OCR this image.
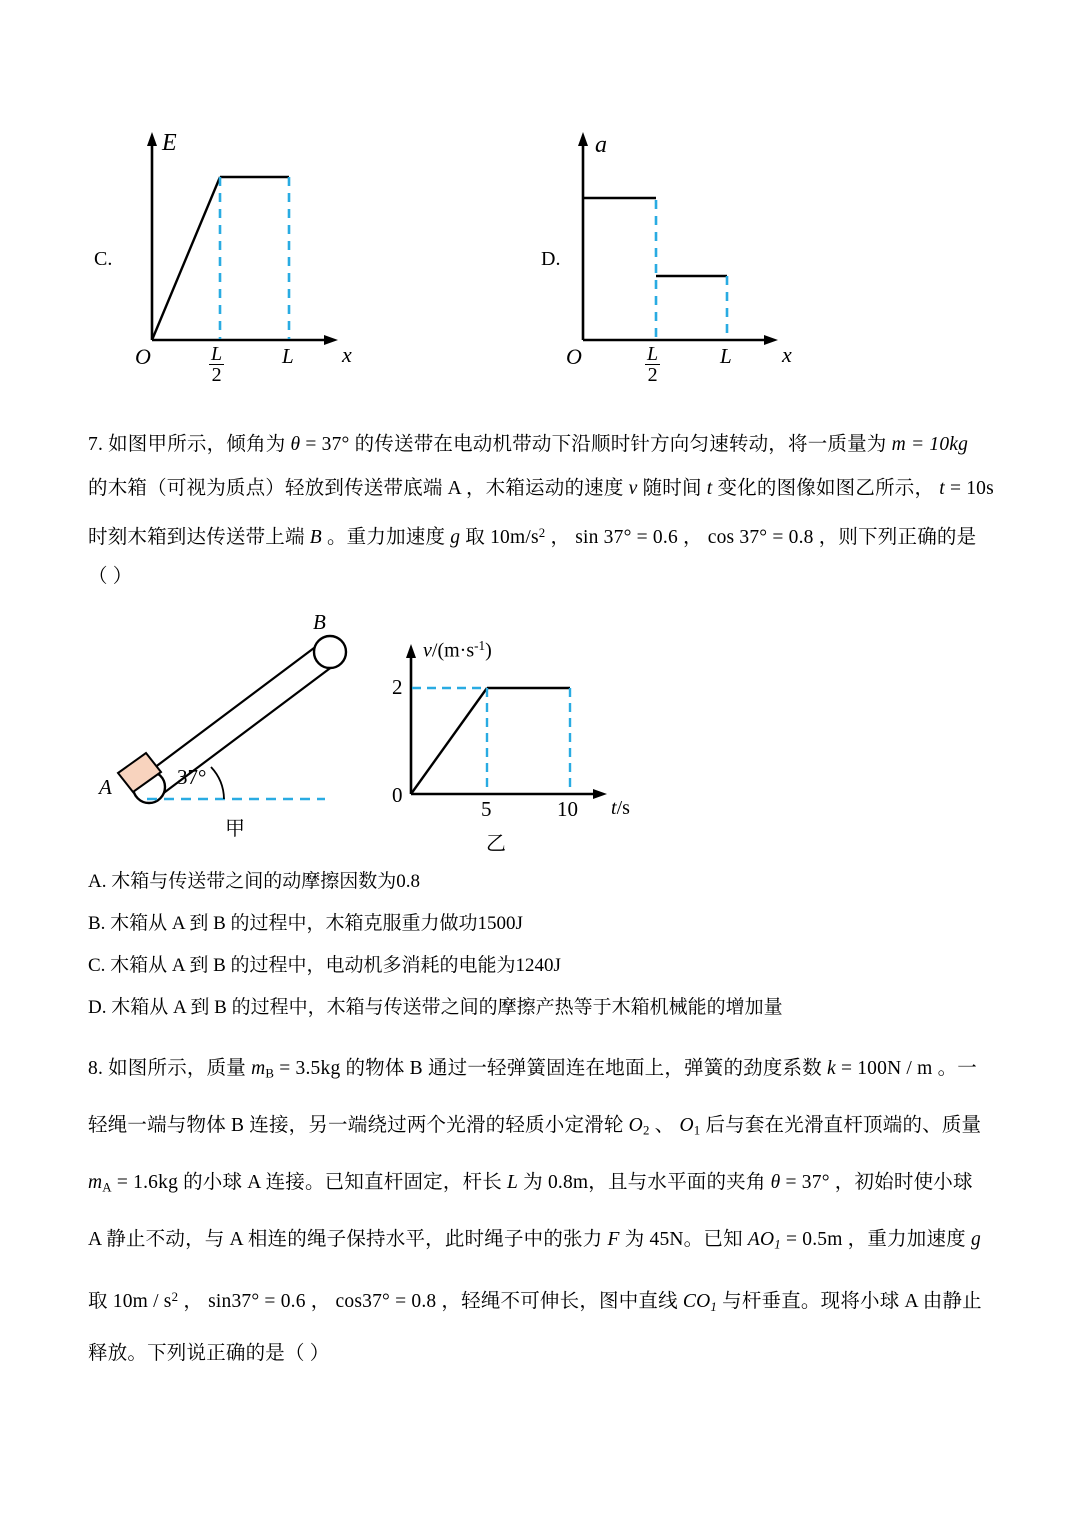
C.
E
x
O	$\frac{L}{2}$	L
D.
a
x
O	$\frac{L}{2}$	L
7. 如图甲所示，倾角为 θ = 37° 的传送带在电动机带动下沿顺时针方向匀速转动，将一质量为 m = 10kg
的木箱（可视为质点）轻放到传送带底端 A ，木箱运动的速度 v 随时间 t 变化的图像如图乙所示， t = 10s
时刻木箱到达传送带上端 B 。重力加速度 g 取 $10m/s^2$ ， sin 37° = 0.6 ， cos 37° = 0.8 ，则下列正确的是
（ ）
A
B
37°
甲
$v/(m\cdot s^{-1})$
t/s
0
2
5	10
乙
A. 木箱与传送带之间的动摩擦因数为0.8
B. 木箱从 A 到 B 的过程中，木箱克服重力做功1500J
C. 木箱从 A 到 B 的过程中，电动机多消耗的电能为1240J
D. 木箱从 A 到 B 的过程中，木箱与传送带之间的摩擦产热等于木箱机械能的增加量
8. 如图所示，质量 $m_B = 3.5kg$ 的物体 B 通过一轻弹簧固连在地面上，弹簧的劲度系数 k = 100N / m 。一
轻绳一端与物体 B 连接，另一端绕过两个光滑的轻质小定滑轮 $O_2$ 、 $O_1$ 后与套在光滑直杆顶端的、质量
$m_A = 1.6kg$ 的小球 A 连接。已知直杆固定，杆长 L 为 0.8m，且与水平面的夹角 θ = 37° ，初始时使小球
A 静止不动，与 A 相连的绳子保持水平，此时绳子中的张力 F 为 45N。已知 $AO_1 = 0.5m$ ，重力加速度 g
取 $10m / s^2$ ， sin37° = 0.6 ， cos37° = 0.8 ，轻绳不可伸长，图中直线 $CO_1$ 与杆垂直。现将小球 A 由静止
释放。下列说正确的是（ ）
